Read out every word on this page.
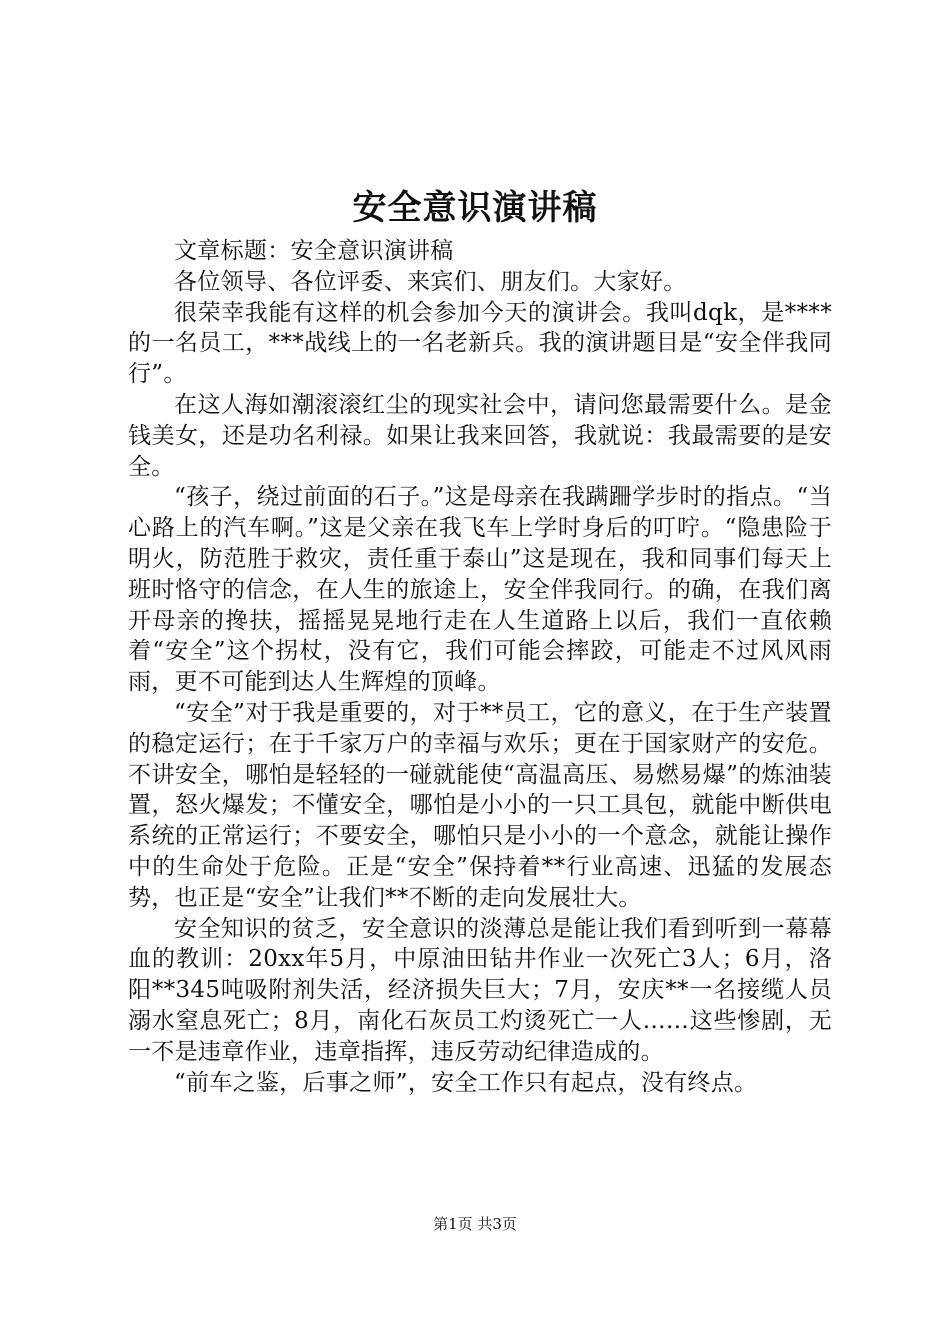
安全意识演讲稿

文章标题：安全意识演讲稿

各位领导、各位评委、来宾们、朋友们。大家好。

很荣幸我能有这样的机会参加今天的演讲会。我叫dqk，是****的一名员工，***战线上的一名老新兵。我的演讲题目是“安全伴我同行”。

在这人海如潮滚滚红尘的现实社会中，请问您最需要什么。是金钱美女，还是功名利禄。如果让我来回答，我就说：我最需要的是安全。

“孩子，绕过前面的石子。”这是母亲在我蹒跚学步时的指点。“当心路上的汽车啊。”这是父亲在我飞车上学时身后的叮咛。“隐患险于明火，防范胜于救灾，责任重于泰山”这是现在，我和同事们每天上班时恪守的信念，在人生的旅途上，安全伴我同行。的确，在我们离开母亲的搀扶，摇摇晃晃地行走在人生道路上以后，我们一直依赖着“安全”这个拐杖，没有它，我们可能会摔跤，可能走不过风风雨雨，更不可能到达人生辉煌的顶峰。

“安全”对于我是重要的，对于**员工，它的意义，在于生产装置的稳定运行；在于千家万户的幸福与欢乐；更在于国家财产的安危。不讲安全，哪怕是轻轻的一碰就能使“高温高压、易燃易爆”的炼油装置，怒火爆发；不懂安全，哪怕是小小的一只工具包，就能中断供电系统的正常运行；不要安全，哪怕只是小小的一个意念，就能让操作中的生命处于危险。正是“安全”保持着**行业高速、迅猛的发展态势，也正是“安全”让我们**不断的走向发展壮大。

安全知识的贫乏，安全意识的淡薄总是能让我们看到听到一幕幕血的教训：20xx年5月，中原油田钻井作业一次死亡3人；6月，洛阳**345吨吸附剂失活，经济损失巨大；7月，安庆**一名接缆人员溺水窒息死亡；8月，南化石灰员工灼烫死亡一人……这些惨剧，无一不是违章作业，违章指挥，违反劳动纪律造成的。

“前车之鉴，后事之师”，安全工作只有起点，没有终点。

第1页 共3页
